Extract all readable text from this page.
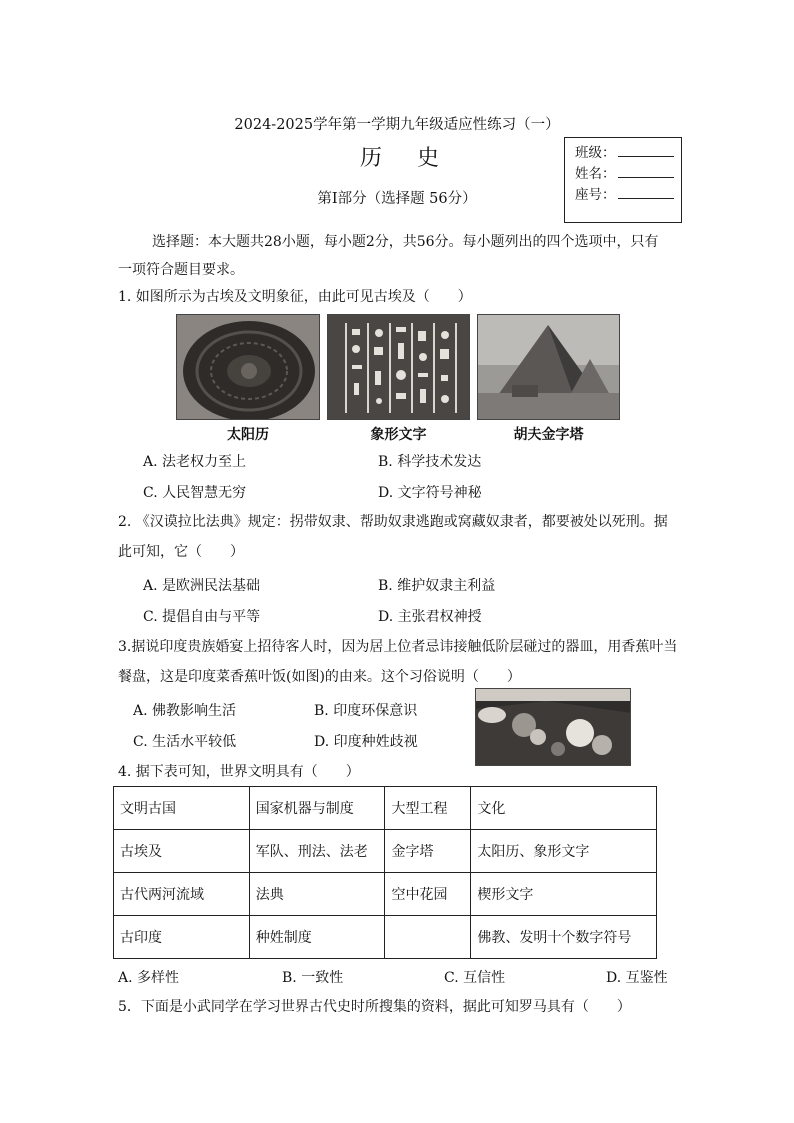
2024-2025学年第一学期九年级适应性练习（一）
历 史
第Ⅰ部分（选择题 56分）
班级：
姓名：
座号：
选择题：本大题共28小题，每小题2分，共56分。每小题列出的四个选项中，只有
一项符合题目要求。
1. 如图所示为古埃及文明象征，由此可见古埃及（　　）
太阳历	象形文字	胡夫金字塔
A. 法老权力至上	B. 科学技术发达
C. 人民智慧无穷	D. 文字符号神秘
2. 《汉谟拉比法典》规定：拐带奴隶、帮助奴隶逃跑或窝藏奴隶者，都要被处以死刑。据
此可知，它（　　）
A. 是欧洲民法基础	B. 维护奴隶主利益
C. 提倡自由与平等	D. 主张君权神授
3.据说印度贵族婚宴上招待客人时，因为居上位者忌讳接触低阶层碰过的器皿，用香蕉叶当
餐盘，这是印度菜香蕉叶饭(如图)的由来。这个习俗说明（　　）
A. 佛教影响生活	B. 印度环保意识
C. 生活水平较低	D. 印度种姓歧视
4. 据下表可知，世界文明具有（　　）
文明古国	国家机器与制度	大型工程	文化
古埃及	军队、刑法、法老	金字塔	太阳历、象形文字
古代两河流域	法典	空中花园	楔形文字
古印度	种姓制度		佛教、发明十个数字符号
A. 多样性	B. 一致性	C. 互信性	D. 互鉴性
5．下面是小武同学在学习世界古代史时所搜集的资料，据此可知罗马具有（　　）
